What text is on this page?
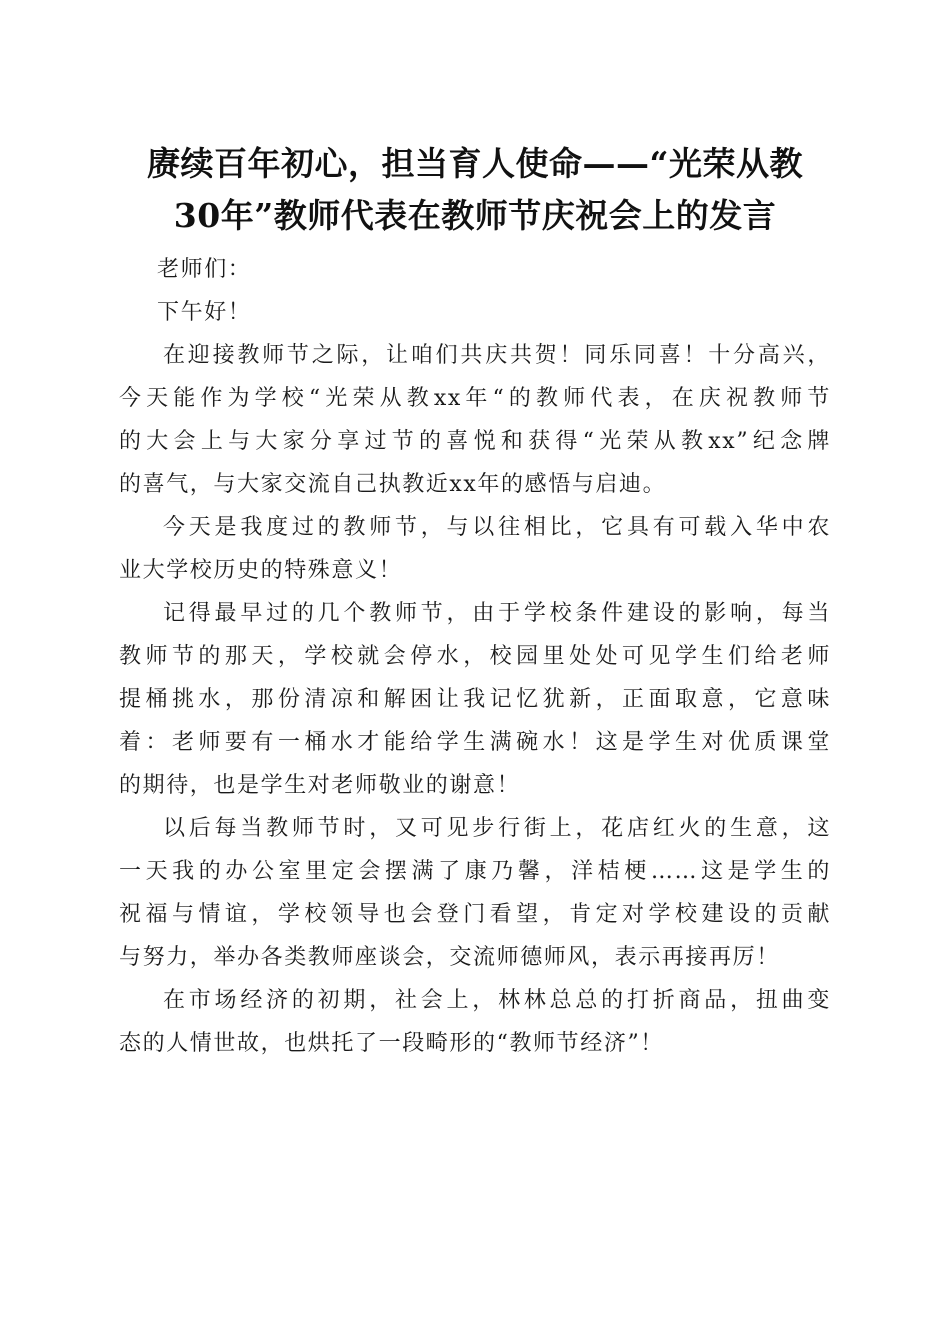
赓续百年初心，担当育人使命——“光荣从教
30年”教师代表在教师节庆祝会上的发言

老师们：

下午好！

在迎接教师节之际，让咱们共庆共贺！同乐同喜！十分高兴，
今天能作为学校“光荣从教xx年“的教师代表，在庆祝教师节
的大会上与大家分享过节的喜悦和获得“光荣从教xx”纪念牌
的喜气，与大家交流自己执教近xx年的感悟与启迪。

今天是我度过的教师节，与以往相比，它具有可载入华中农
业大学校历史的特殊意义！

记得最早过的几个教师节，由于学校条件建设的影响，每当
教师节的那天，学校就会停水，校园里处处可见学生们给老师
提桶挑水，那份清凉和解困让我记忆犹新，正面取意，它意味
着：老师要有一桶水才能给学生满碗水！这是学生对优质课堂
的期待，也是学生对老师敬业的谢意！

以后每当教师节时，又可见步行街上，花店红火的生意，这
一天我的办公室里定会摆满了康乃馨，洋桔梗……这是学生的
祝福与情谊，学校领导也会登门看望，肯定对学校建设的贡献
与努力，举办各类教师座谈会，交流师德师风，表示再接再厉！

在市场经济的初期，社会上，林林总总的打折商品，扭曲变
态的人情世故，也烘托了一段畸形的“教师节经济”！
